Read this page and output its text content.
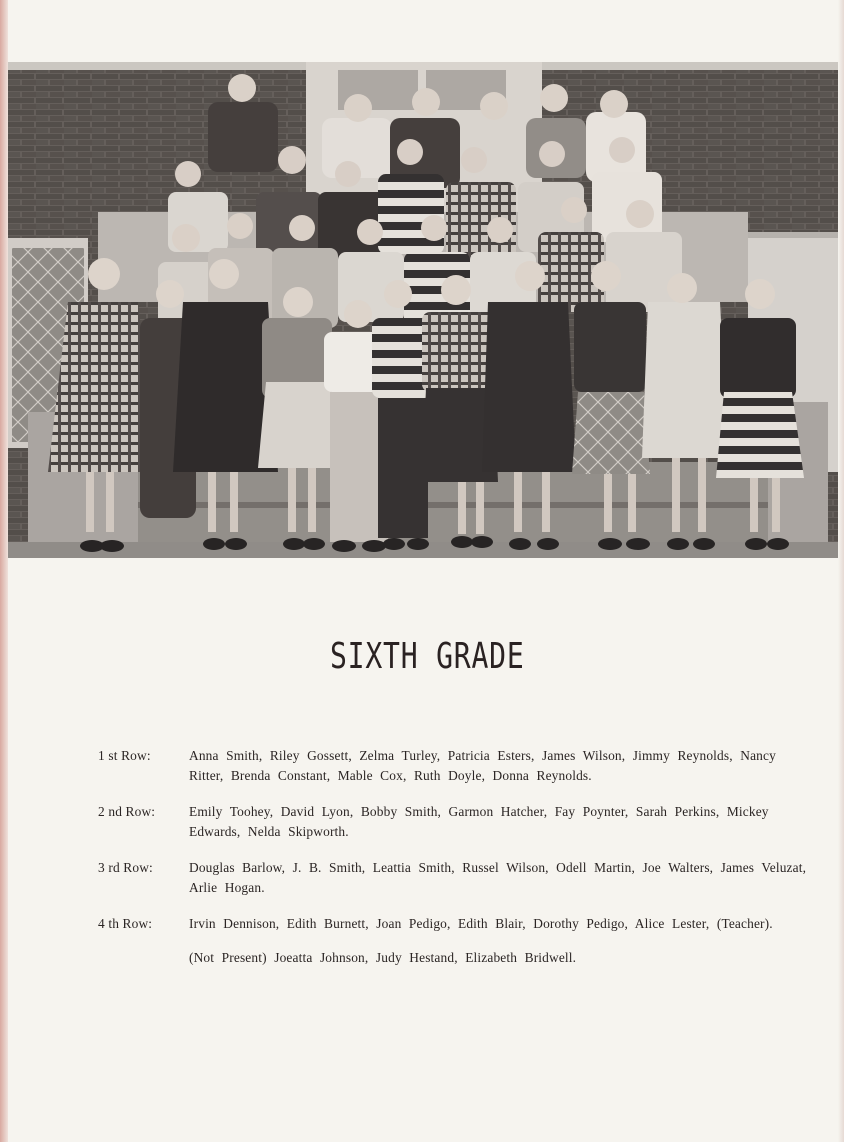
SIXTH GRADE
1 st Row:	Anna Smith, Riley Gossett, Zelma Turley, Patricia Esters, James Wilson, Jimmy Reynolds, Nancy Ritter, Brenda Constant, Mable Cox, Ruth Doyle, Donna Reynolds.
2 nd Row:	Emily Toohey, David Lyon, Bobby Smith, Garmon Hatcher, Fay Poynter, Sarah Perkins, Mickey Edwards, Nelda Skipworth.
3 rd Row:	Douglas Barlow, J. B. Smith, Leattia Smith, Russel Wilson, Odell Martin, Joe Walters, James Veluzat, Arlie Hogan.
4 th Row:	Irvin Dennison, Edith Burnett, Joan Pedigo, Edith Blair, Dorothy Pedigo, Alice Lester, (Teacher).
(Not Present) Joeatta Johnson, Judy Hestand, Elizabeth Bridwell.
